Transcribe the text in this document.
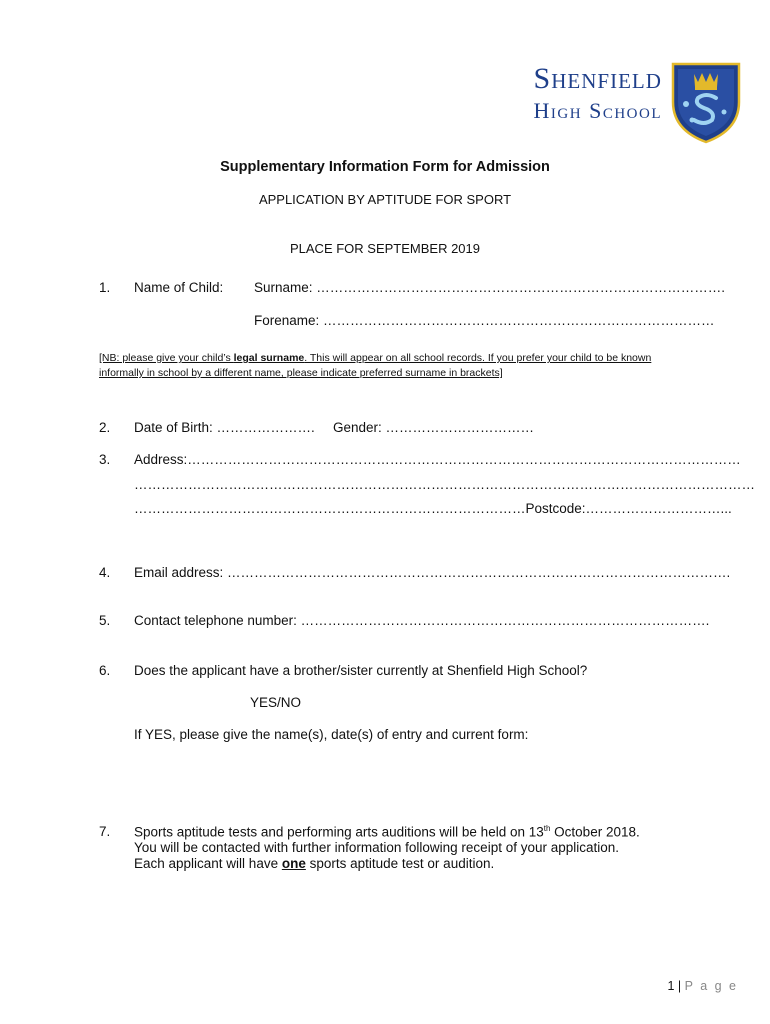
Shenfield
High School
Supplementary Information Form for Admission
APPLICATION BY APTITUDE FOR SPORT
PLACE FOR SEPTEMBER 2019
1. Name of Child: Surname: ……………………………………………………………………………….
Forename: ……………………………………………………………………………
[NB: please give your child’s legal surname. This will appear on all school records. If you prefer your child to be known informally in school by a different name, please indicate preferred surname in brackets]
2. Date of Birth: …………………. Gender: ……………………………
3. Address:……………………………………………………………………………………………………………
…………………………………………………………………………………………………………………………
……………………………………………………………………………Postcode:…………………………...
4. Email address: ………………………………………………………………………………………………….
5. Contact telephone number: ……………………………………………………………………………….
6. Does the applicant have a brother/sister currently at Shenfield High School?
YES/NO
If YES, please give the name(s), date(s) of entry and current form:
7. Sports aptitude tests and performing arts auditions will be held on 13th October 2018.
You will be contacted with further information following receipt of your application.
Each applicant will have one sports aptitude test or audition.
1 | P a g e
